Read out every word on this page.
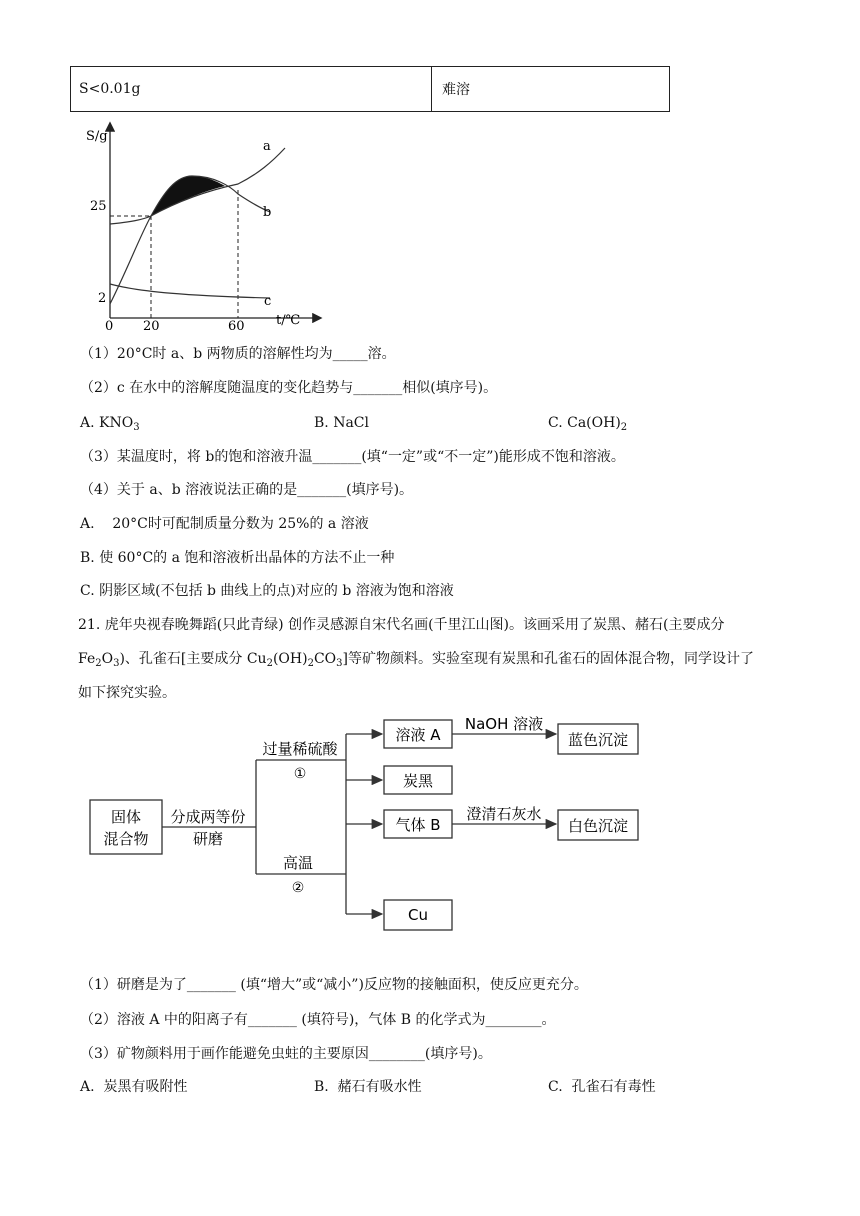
S<0.01g	难溶
S/g
t/℃
25
2
0 20	60
a
b
c
（1）20°C时 a、b 两物质的溶解性均为_____溶。
（2）c 在水中的溶解度随温度的变化趋势与_______相似(填序号)。
A. $KNO_3$	B. NaCl	C. $Ca(OH)_2$
（3）某温度时，将 b的饱和溶液升温_______(填“一定”或“不一定”)能形成不饱和溶液。
（4）关于 a、b 溶液说法正确的是_______(填序号)。
A.    20°C时可配制质量分数为 25%的 a 溶液
B. 使 60°C的 a 饱和溶液析出晶体的方法不止一种
C. 阴影区域(不包括 b 曲线上的点)对应的 b 溶液为饱和溶液
21. 虎年央视春晚舞蹈(只此青绿) 创作灵感源自宋代名画(千里江山图)。该画采用了炭黑、赭石(主要成分
$Fe_2O_3$)、孔雀石[主要成分 $Cu_2(OH)_2CO_3$]等矿物颜料。实验室现有炭黑和孔雀石的固体混合物，同学设计了
如下探究实验。
固体
混合物
分成两等份
研磨
过量稀硫酸
①
高温
②
溶液 A
炭黑
气体 B
Cu
NaOH 溶液
澄清石灰水
蓝色沉淀
白色沉淀
（1）研磨是为了_______ (填“增大”或“减小”)反应物的接触面积，使反应更充分。
（2）溶液 A 中的阳离子有_______ (填符号)，气体 B 的化学式为________。
（3）矿物颜料用于画作能避免虫蛀的主要原因________(填序号)。
A.  炭黑有吸附性	B.  赭石有吸水性	C.  孔雀石有毒性
